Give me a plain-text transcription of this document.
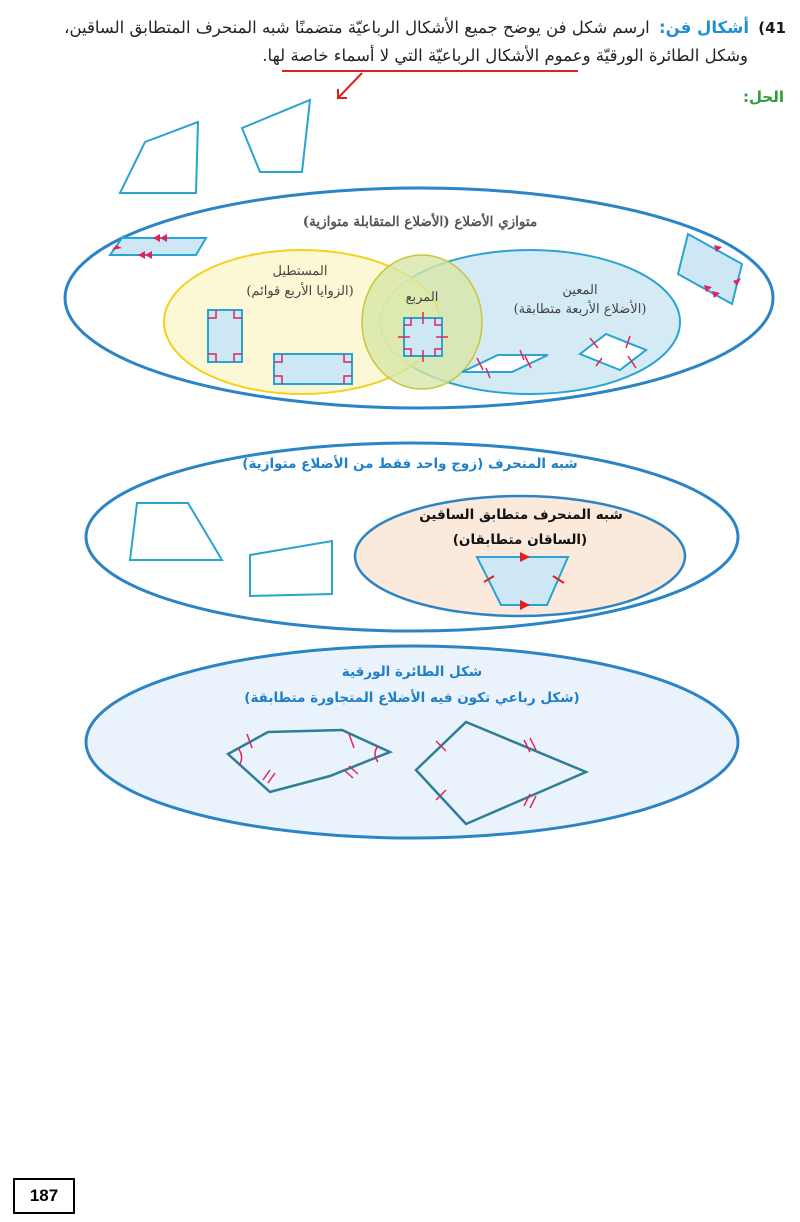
41) أشكال فن: ارسم شكل فن يوضح جميع الأشكال الرباعيّة متضمنًا شبه المنحرف المتطابق الساقين،
وشكل الطائرة الورقيّة وعموم الأشكال الرباعيّة التي لا أسماء خاصة لها.
الحل:
متوازي الأضلاع (الأضلاع المتقابلة متوازية)
المستطيل
(الزوايا الأربع قوائم)	المربع	المعين
(الأضلاع الأربعة متطابقة)
شبه المنحرف (زوج واحد فقط من الأضلاع متوازية)
شبه المنحرف متطابق الساقين
(الساقان متطابقان)
شكل الطائرة الورقية
(شكل رباعي تكون فيه الأضلاع المتجاورة متطابقة)
187
